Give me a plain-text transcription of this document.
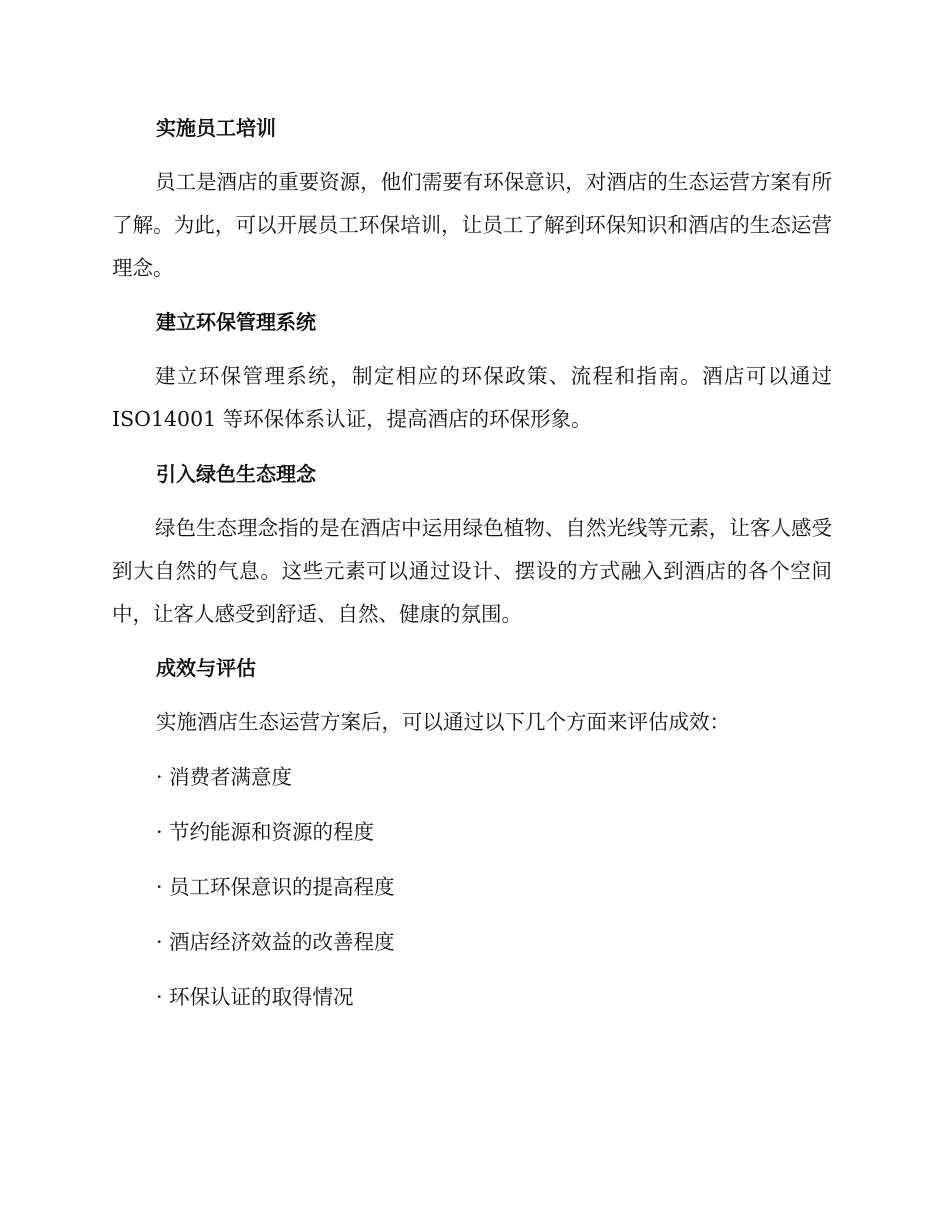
实施员工培训
员工是酒店的重要资源，他们需要有环保意识，对酒店的生态运营方案有所了解。为此，可以开展员工环保培训，让员工了解到环保知识和酒店的生态运营理念。
建立环保管理系统
建立环保管理系统，制定相应的环保政策、流程和指南。酒店可以通过ISO14001 等环保体系认证，提高酒店的环保形象。
引入绿色生态理念
绿色生态理念指的是在酒店中运用绿色植物、自然光线等元素，让客人感受到大自然的气息。这些元素可以通过设计、摆设的方式融入到酒店的各个空间中，让客人感受到舒适、自然、健康的氛围。
成效与评估
实施酒店生态运营方案后，可以通过以下几个方面来评估成效：
· 消费者满意度
· 节约能源和资源的程度
· 员工环保意识的提高程度
· 酒店经济效益的改善程度
· 环保认证的取得情况
